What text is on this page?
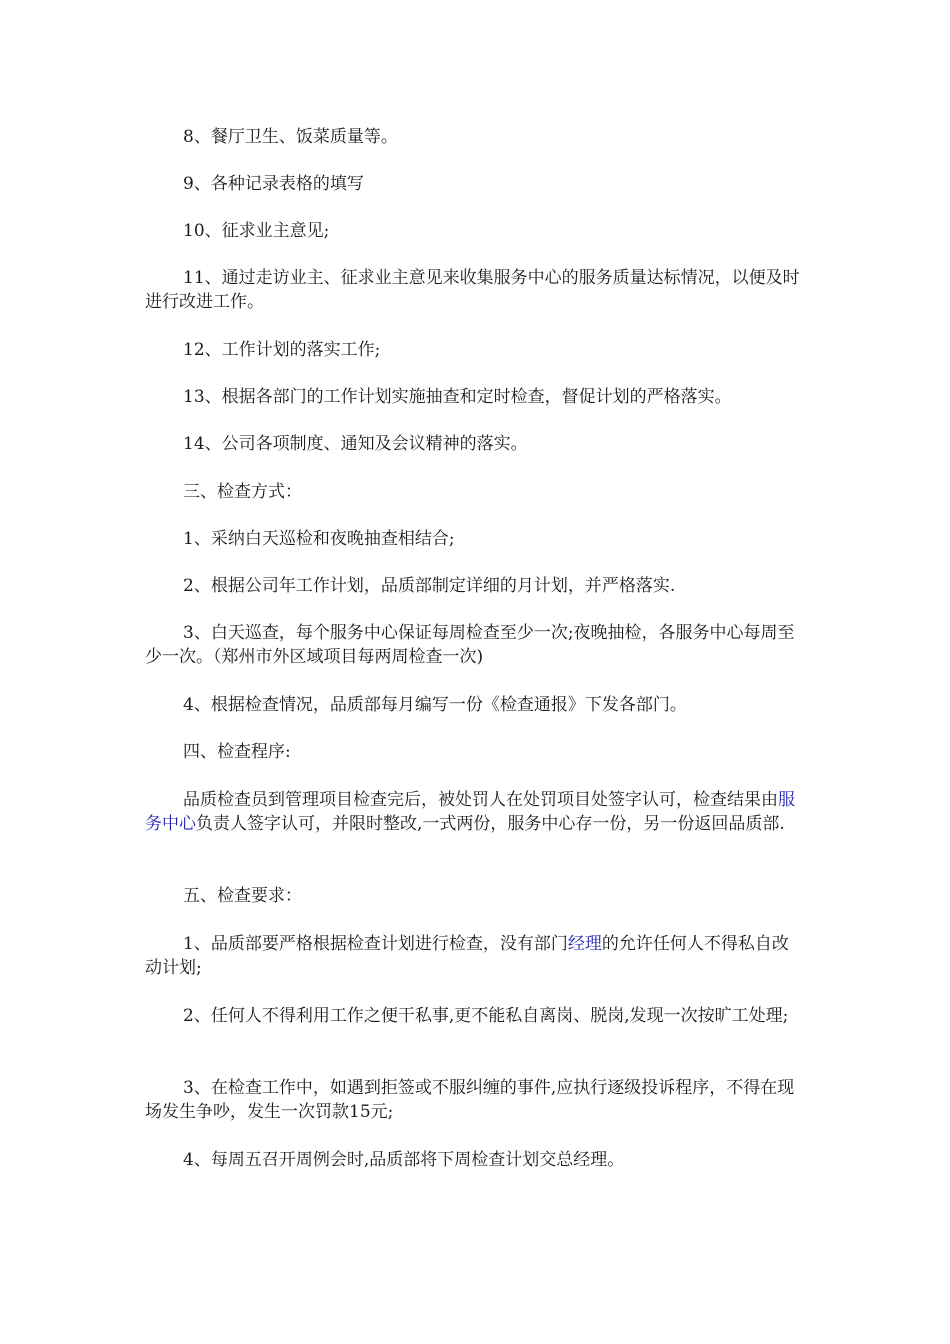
8、餐厅卫生、饭菜质量等。

9、各种记录表格的填写

10、征求业主意见;

11、通过走访业主、征求业主意见来收集服务中心的服务质量达标情况，以便及时进行改进工作。

12、工作计划的落实工作;

13、根据各部门的工作计划实施抽查和定时检查，督促计划的严格落实。

14、公司各项制度、通知及会议精神的落实。

三、检查方式：

1、采纳白天巡检和夜晚抽查相结合;

2、根据公司年工作计划，品质部制定详细的月计划，并严格落实.

3、白天巡查，每个服务中心保证每周检查至少一次;夜晚抽检，各服务中心每周至少一次。（郑州市外区域项目每两周检查一次)

4、根据检查情况，品质部每月编写一份《检查通报》下发各部门。

四、检查程序:

品质检查员到管理项目检查完后，被处罚人在处罚项目处签字认可，检查结果由服务中心负责人签字认可，并限时整改,一式两份，服务中心存一份，另一份返回品质部.

五、检查要求：

1、品质部要严格根据检查计划进行检查，没有部门经理的允许任何人不得私自改动计划;

2、任何人不得利用工作之便干私事,更不能私自离岗、脱岗,发现一次按旷工处理;

3、在检查工作中，如遇到拒签或不服纠缠的事件,应执行逐级投诉程序，不得在现场发生争吵，发生一次罚款15元;

4、每周五召开周例会时,品质部将下周检查计划交总经理。
